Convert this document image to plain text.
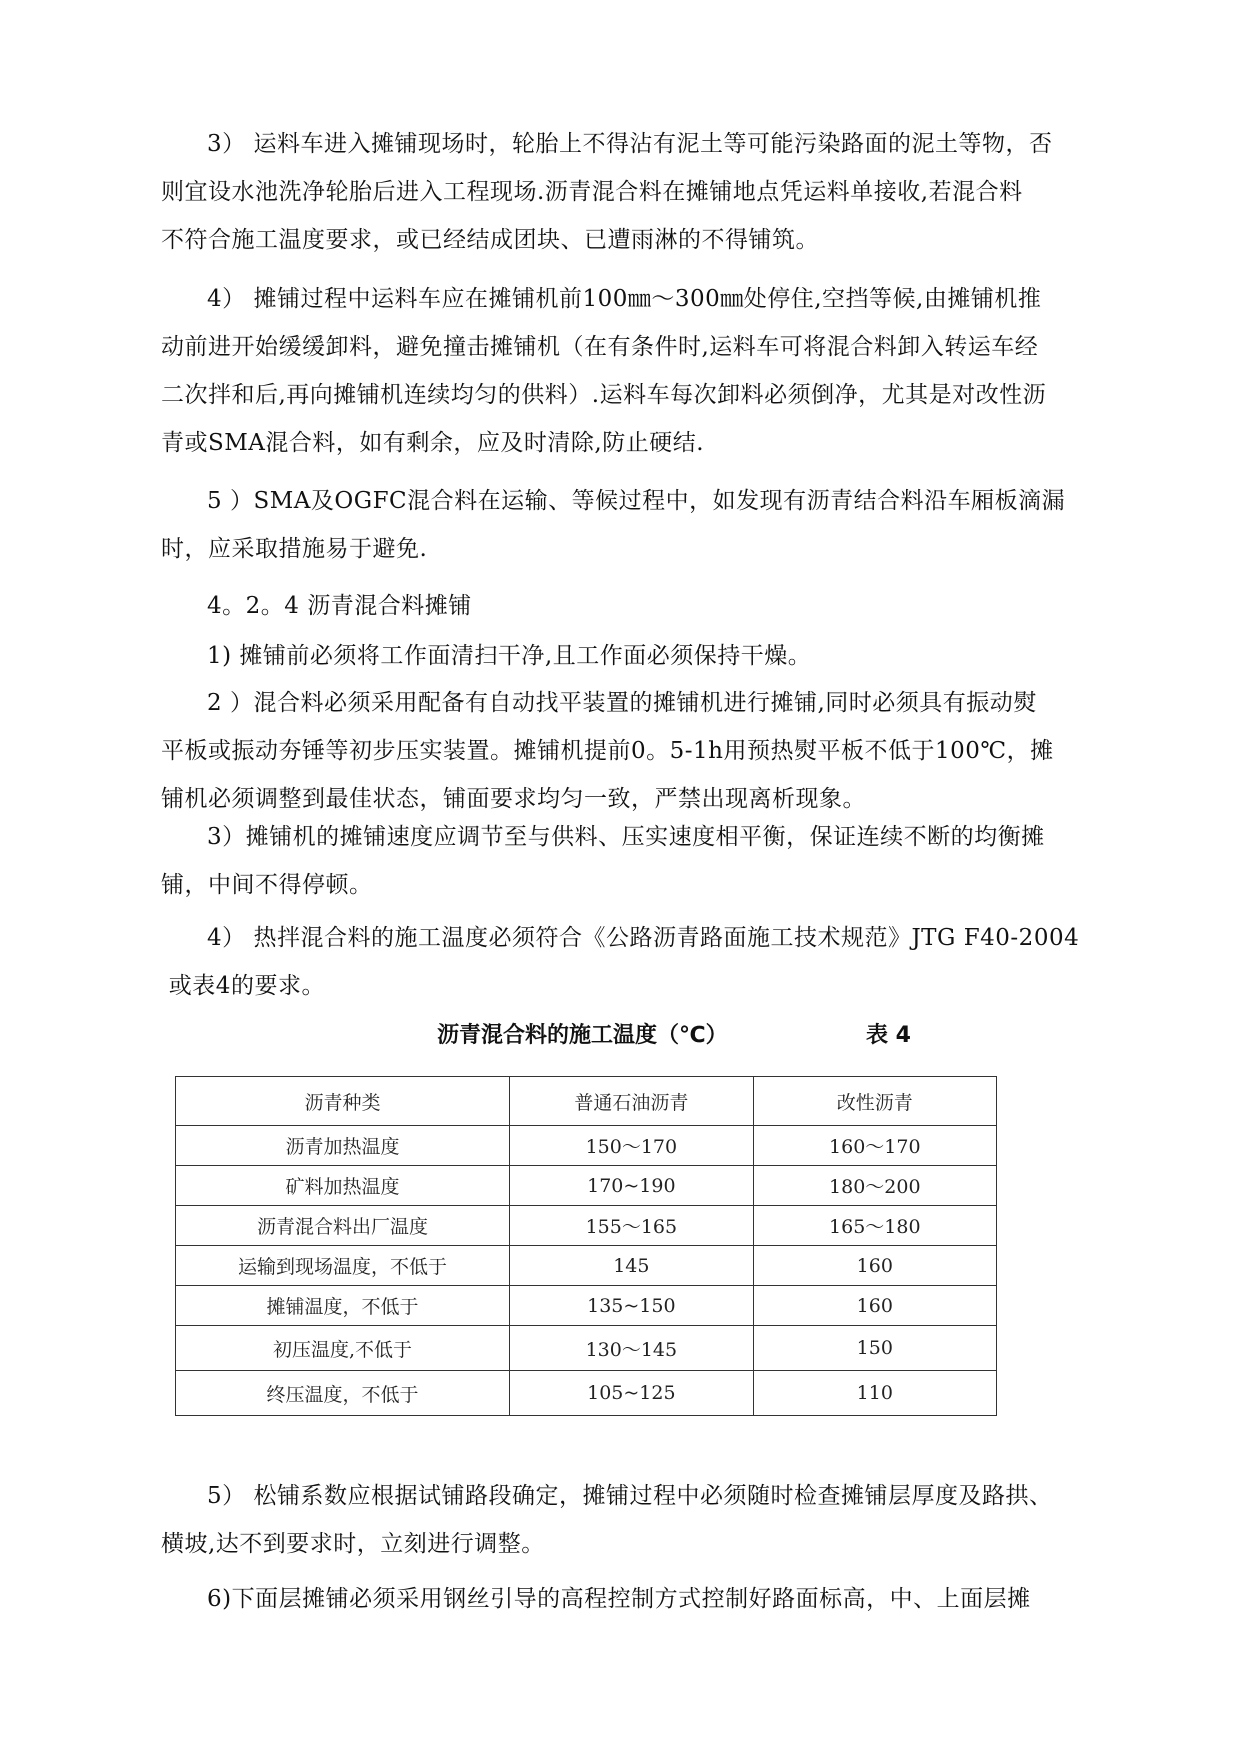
3） 运料车进入摊铺现场时，轮胎上不得沾有泥土等可能污染路面的泥土等物，否
则宜设水池洗净轮胎后进入工程现场.沥青混合料在摊铺地点凭运料单接收,若混合料
不符合施工温度要求，或已经结成团块、已遭雨淋的不得铺筑。
4） 摊铺过程中运料车应在摊铺机前100㎜～300㎜处停住,空挡等候,由摊铺机推
动前进开始缓缓卸料，避免撞击摊铺机（在有条件时,运料车可将混合料卸入转运车经
二次拌和后,再向摊铺机连续均匀的供料）.运料车每次卸料必须倒净，尤其是对改性沥
青或SMA混合料，如有剩余，应及时清除,防止硬结.
5 ）SMA及OGFC混合料在运输、等候过程中，如发现有沥青结合料沿车厢板滴漏
时，应采取措施易于避免.
4。2。4 沥青混合料摊铺
1) 摊铺前必须将工作面清扫干净,且工作面必须保持干燥。
2 ）混合料必须采用配备有自动找平装置的摊铺机进行摊铺,同时必须具有振动熨
平板或振动夯锤等初步压实装置。摊铺机提前0。5-1h用预热熨平板不低于100℃，摊
铺机必须调整到最佳状态，铺面要求均匀一致，严禁出现离析现象。
3）摊铺机的摊铺速度应调节至与供料、压实速度相平衡，保证连续不断的均衡摊
铺，中间不得停顿。
4） 热拌混合料的施工温度必须符合《公路沥青路面施工技术规范》JTG F40-2004
或表4的要求。
沥青混合料的施工温度（℃）	表 4
沥青种类	普通石油沥青	改性沥青
沥青加热温度	150～170	160～170
矿料加热温度	170~190	180～200
沥青混合料出厂温度	155～165	165～180
运输到现场温度，不低于	145	160
摊铺温度，不低于	135~150	160
初压温度,不低于	130～145	150
终压温度，不低于	105~125	110
5） 松铺系数应根据试铺路段确定，摊铺过程中必须随时检查摊铺层厚度及路拱、
横坡,达不到要求时，立刻进行调整。
6)下面层摊铺必须采用钢丝引导的高程控制方式控制好路面标高，中、上面层摊
